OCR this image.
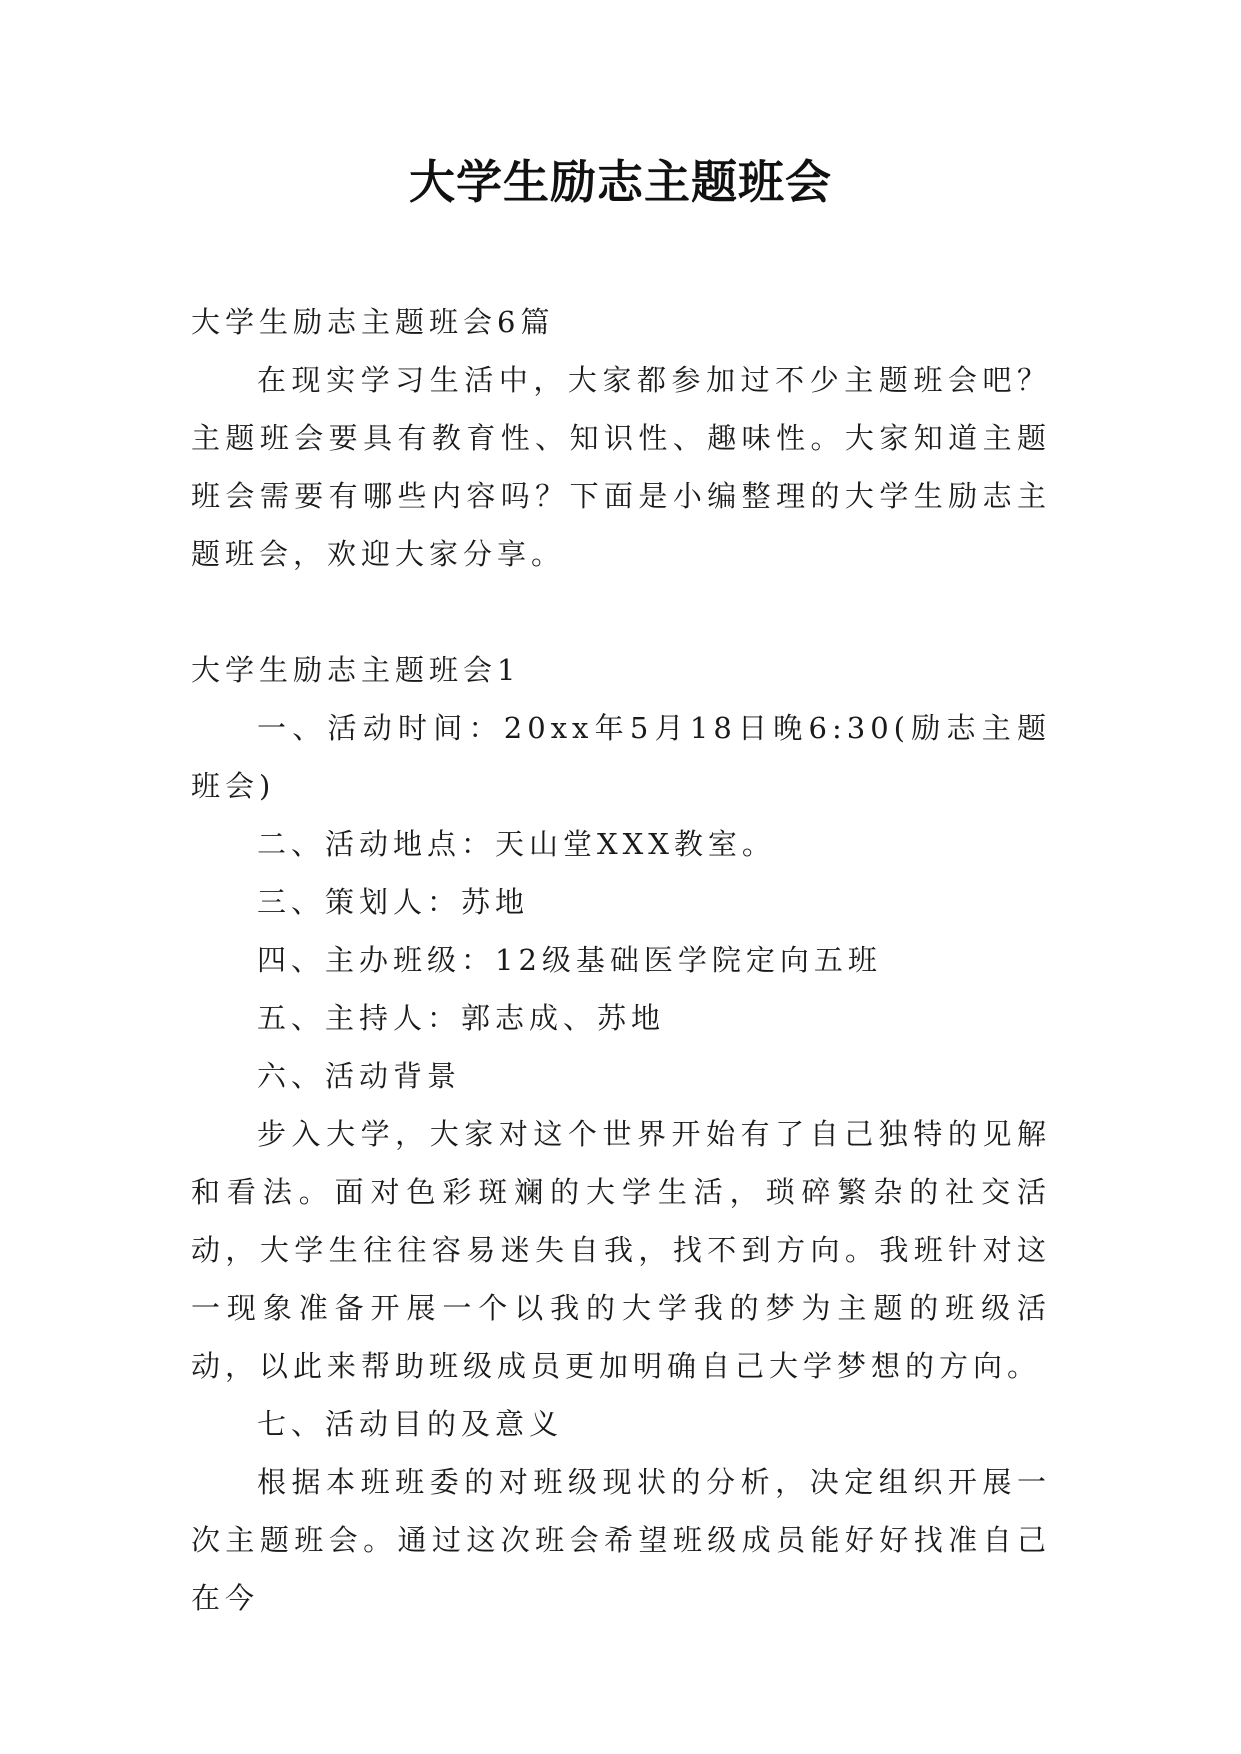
大学生励志主题班会

大学生励志主题班会6篇

在现实学习生活中，大家都参加过不少主题班会吧？主题班会要具有教育性、知识性、趣味性。大家知道主题班会需要有哪些内容吗？下面是小编整理的大学生励志主题班会，欢迎大家分享。

大学生励志主题班会1

一、活动时间：20xx年5月18日晚6:30(励志主题班会)

二、活动地点：天山堂XXX教室。

三、策划人：苏地

四、主办班级：12级基础医学院定向五班

五、主持人：郭志成、苏地

六、活动背景

步入大学，大家对这个世界开始有了自己独特的见解和看法。面对色彩斑斓的大学生活，琐碎繁杂的社交活动，大学生往往容易迷失自我，找不到方向。我班针对这一现象准备开展一个以我的大学我的梦为主题的班级活动，以此来帮助班级成员更加明确自己大学梦想的方向。

七、活动目的及意义

根据本班班委的对班级现状的分析，决定组织开展一次主题班会。通过这次班会希望班级成员能好好找准自己在今
